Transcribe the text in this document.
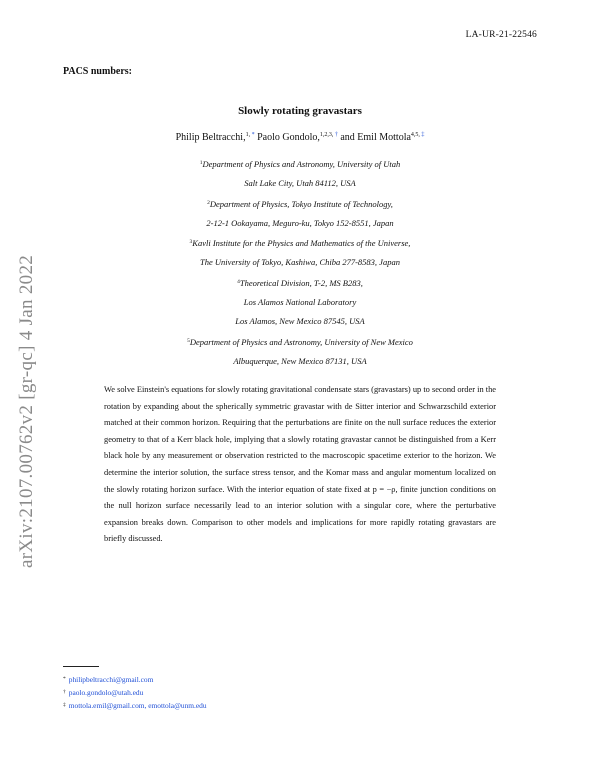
LA-UR-21-22546
PACS numbers:
Slowly rotating gravastars
Philip Beltracchi,$^{1,}$ * Paolo Gondolo,$^{1,2,3,}$ † and Emil Mottola$^{4,5,}$ ‡
$^1$Department of Physics and Astronomy, University of Utah
Salt Lake City, Utah 84112, USA
$^2$Department of Physics, Tokyo Institute of Technology,
2-12-1 Ookayama, Meguro-ku, Tokyo 152-8551, Japan
$^3$Kavli Institute for the Physics and Mathematics of the Universe,
The University of Tokyo, Kashiwa, Chiba 277-8583, Japan
$^4$Theoretical Division, T-2, MS B283,
Los Alamos National Laboratory
Los Alamos, New Mexico 87545, USA
$^5$Department of Physics and Astronomy, University of New Mexico
Albuquerque, New Mexico 87131, USA
We solve Einstein's equations for slowly rotating gravitational condensate stars (gravastars) up to second order in the rotation by expanding about the spherically symmetric gravastar with de Sitter interior and Schwarzschild exterior matched at their common horizon. Requiring that the perturbations are finite on the null surface reduces the exterior geometry to that of a Kerr black hole, implying that a slowly rotating gravastar cannot be distinguished from a Kerr black hole by any measurement or observation restricted to the macroscopic spacetime exterior to the horizon. We determine the interior solution, the surface stress tensor, and the Komar mass and angular momentum localized on the slowly rotating horizon surface. With the interior equation of state fixed at p = −ρ, finite junction conditions on the null horizon surface necessarily lead to an interior solution with a singular core, where the perturbative expansion breaks down. Comparison to other models and implications for more rapidly rotating gravastars are briefly discussed.
arXiv:2107.00762v2 [gr-qc] 4 Jan 2022
* philipbeltracchi@gmail.com
† paolo.gondolo@utah.edu
‡ mottola.emil@gmail.com, emottola@unm.edu
